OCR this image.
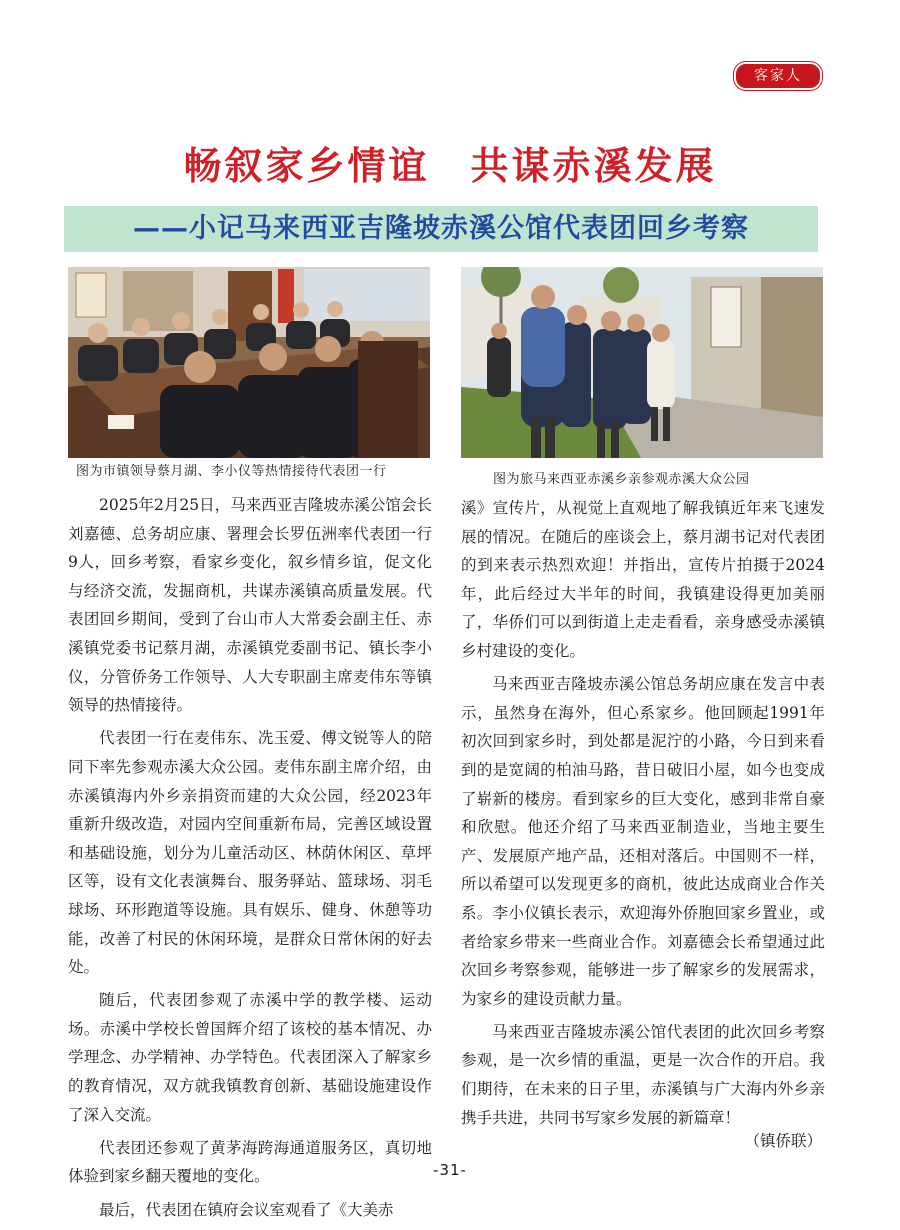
客家人
畅叙家乡情谊　共谋赤溪发展
——小记马来西亚吉隆坡赤溪公馆代表团回乡考察
图为市镇领导蔡月湖、李小仪等热情接待代表团一行
图为旅马来西亚赤溪乡亲参观赤溪大众公园

2025年2月25日，马来西亚吉隆坡赤溪公馆会长刘嘉德、总务胡应康、署理会长罗伍洲率代表团一行9人，回乡考察，看家乡变化，叙乡情乡谊，促文化与经济交流，发掘商机，共谋赤溪镇高质量发展。代表团回乡期间，受到了台山市人大常委会副主任、赤溪镇党委书记蔡月湖，赤溪镇党委副书记、镇长李小仪，分管侨务工作领导、人大专职副主席麦伟东等镇领导的热情接待。

代表团一行在麦伟东、冼玉爱、傅文锐等人的陪同下率先参观赤溪大众公园。麦伟东副主席介绍，由赤溪镇海内外乡亲捐资而建的大众公园，经2023年重新升级改造，对园内空间重新布局，完善区域设置和基础设施，划分为儿童活动区、林荫休闲区、草坪区等，设有文化表演舞台、服务驿站、篮球场、羽毛球场、环形跑道等设施。具有娱乐、健身、休憩等功能，改善了村民的休闲环境，是群众日常休闲的好去处。

随后，代表团参观了赤溪中学的教学楼、运动场。赤溪中学校长曾国辉介绍了该校的基本情况、办学理念、办学精神、办学特色。代表团深入了解家乡的教育情况，双方就我镇教育创新、基础设施建设作了深入交流。

代表团还参观了黄茅海跨海通道服务区，真切地体验到家乡翻天覆地的变化。

最后，代表团在镇府会议室观看了《大美赤

溪》宣传片，从视觉上直观地了解我镇近年来飞速发展的情况。在随后的座谈会上，蔡月湖书记对代表团的到来表示热烈欢迎！并指出，宣传片拍摄于2024年，此后经过大半年的时间，我镇建设得更加美丽了，华侨们可以到街道上走走看看，亲身感受赤溪镇乡村建设的变化。

马来西亚吉隆坡赤溪公馆总务胡应康在发言中表示，虽然身在海外，但心系家乡。他回顾起1991年初次回到家乡时，到处都是泥泞的小路，今日到来看到的是宽阔的柏油马路，昔日破旧小屋，如今也变成了崭新的楼房。看到家乡的巨大变化，感到非常自豪和欣慰。他还介绍了马来西亚制造业，当地主要生产、发展原产地产品，还相对落后。中国则不一样，所以希望可以发现更多的商机，彼此达成商业合作关系。李小仪镇长表示，欢迎海外侨胞回家乡置业，或者给家乡带来一些商业合作。刘嘉德会长希望通过此次回乡考察参观，能够进一步了解家乡的发展需求，为家乡的建设贡献力量。

马来西亚吉隆坡赤溪公馆代表团的此次回乡考察参观，是一次乡情的重温，更是一次合作的开启。我们期待，在未来的日子里，赤溪镇与广大海内外乡亲携手共进，共同书写家乡发展的新篇章！

（镇侨联）
-31-
